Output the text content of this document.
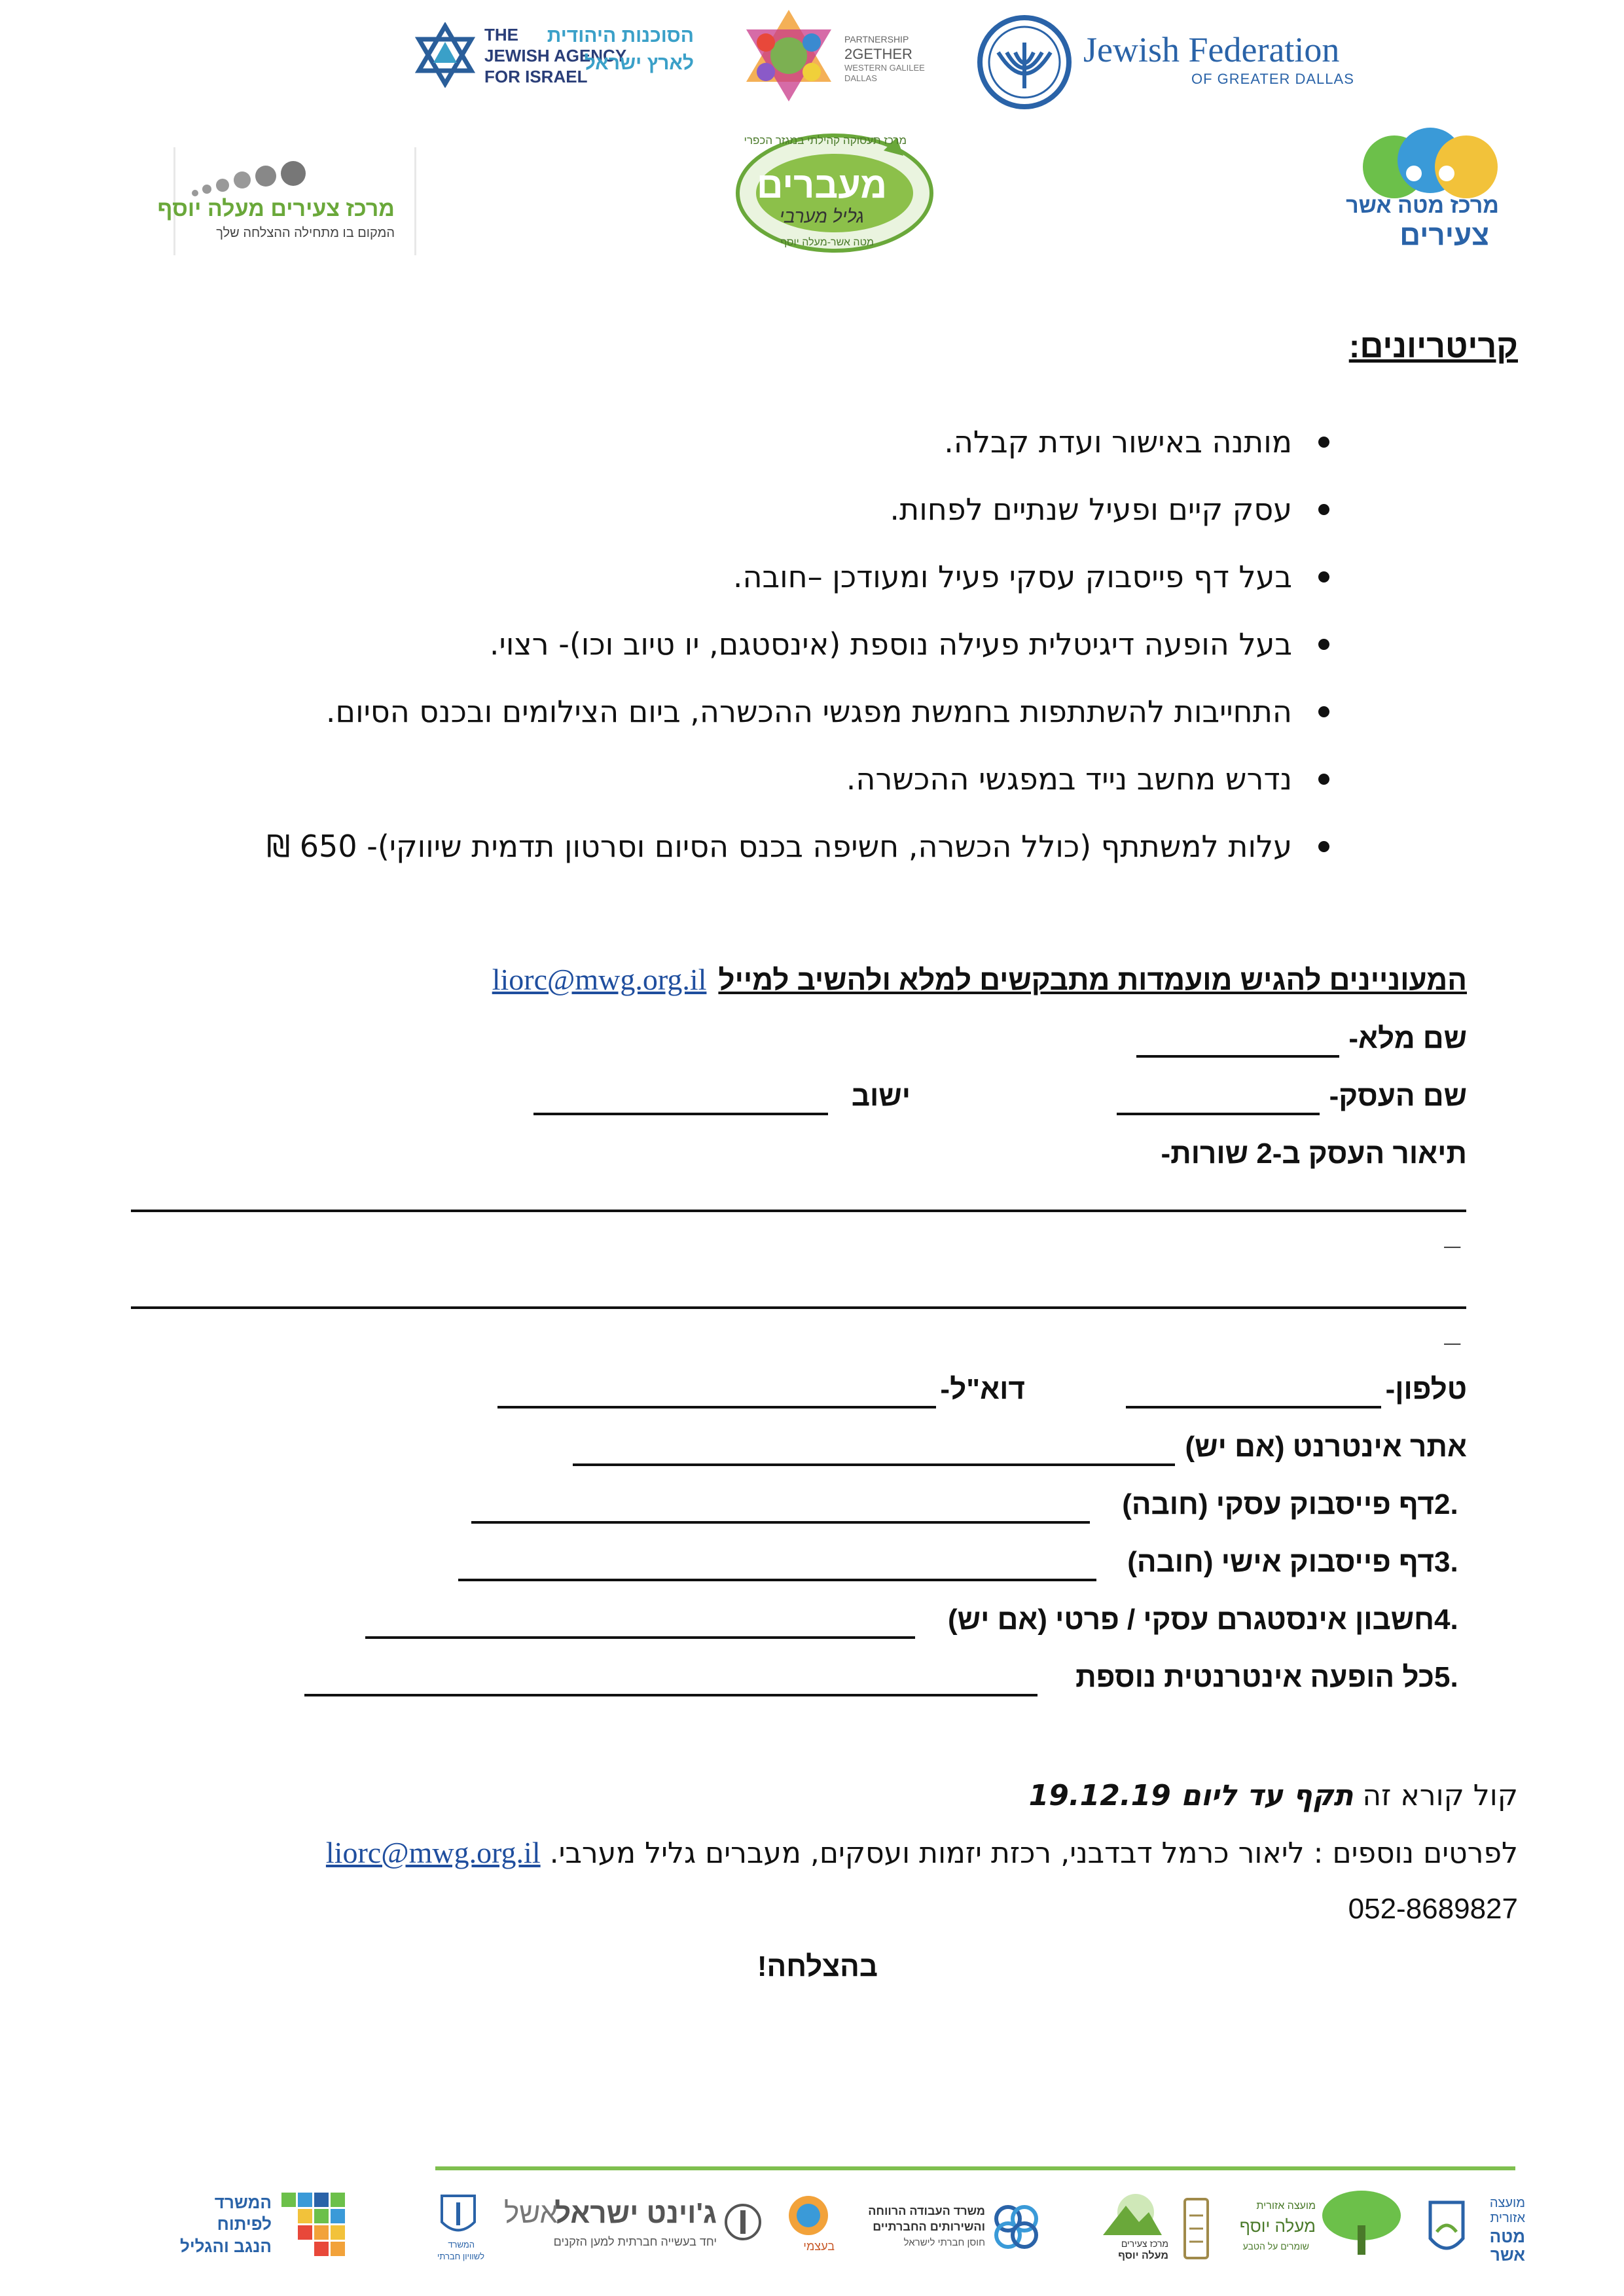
THE
JEWISH AGENCY
FOR ISRAEL
הסוכנות היהודית
לארץ ישראל
PARTNERSHIP
2GETHER
WESTERN GALILEE
DALLAS
Jewish Federation
OF GREATER DALLAS
מרכז צעירים מעלה יוסף
המקום בו מתחילה ההצלחה שלך
מרכז תעסוקה קהילתי במגזר הכפרי
מעברים
גליל מערבי
מטה אשר-מעלה יוסף
מרכז מטה אשר
צעירים
קריטריונים:
מותנה באישור ועדת קבלה.
עסק קיים ופעיל שנתיים לפחות.
בעל דף פייסבוק עסקי פעיל ומעודכן –חובה.
בעל הופעה דיגיטלית פעילה נוספת (אינסטגם, יו טיוב וכו)- רצוי.
התחייבות להשתתפות בחמשת מפגשי ההכשרה, ביום הצילומים ובכנס הסיום.
נדרש מחשב נייד במפגשי ההכשרה.
עלות למשתתף (כולל הכשרה, חשיפה בכנס הסיום וסרטון תדמית שיווקי)- 650 ₪
המעוניינים להגיש מועמדות מתבקשים למלא ולהשיב למייל
liorc@mwg.org.il
שם מלא-
שם העסק-
ישוב
תיאור העסק ב-2 שורות-
_
_
טלפון-
דוא"ל-
אתר אינטרנט (אם יש)
2.
דף פייסבוק עסקי (חובה)
3.
דף פייסבוק אישי (חובה)
4.
חשבון אינסטגרם עסקי / פרטי (אם יש)
5.
כל הופעה אינטרנטית נוספת
קול קורא זה תקף עד ליום 19.12.19
לפרטים נוספים : ליאור כרמל דבדבני, רכזת יזמות ועסקים, מעברים גליל מערבי.
liorc@mwg.org.il
052-8689827
בהצלחה!
מועצה
אזורית
מטה
אשר
מועצה אזורית
מעלה יוסף
שומרים על הטבע
מרכז צעירים
מעלה יוסף
משרד העבודה הרווחה
והשירותים החברתיים
חוסן חברתי לישראל
בעצמי
ג'וינט ישראל
אשל
יחד בעשייה חברתית למען הזקנים
המשרד
לשוויון חברתי
המשרד
לפיתוח
הנגב והגליל
